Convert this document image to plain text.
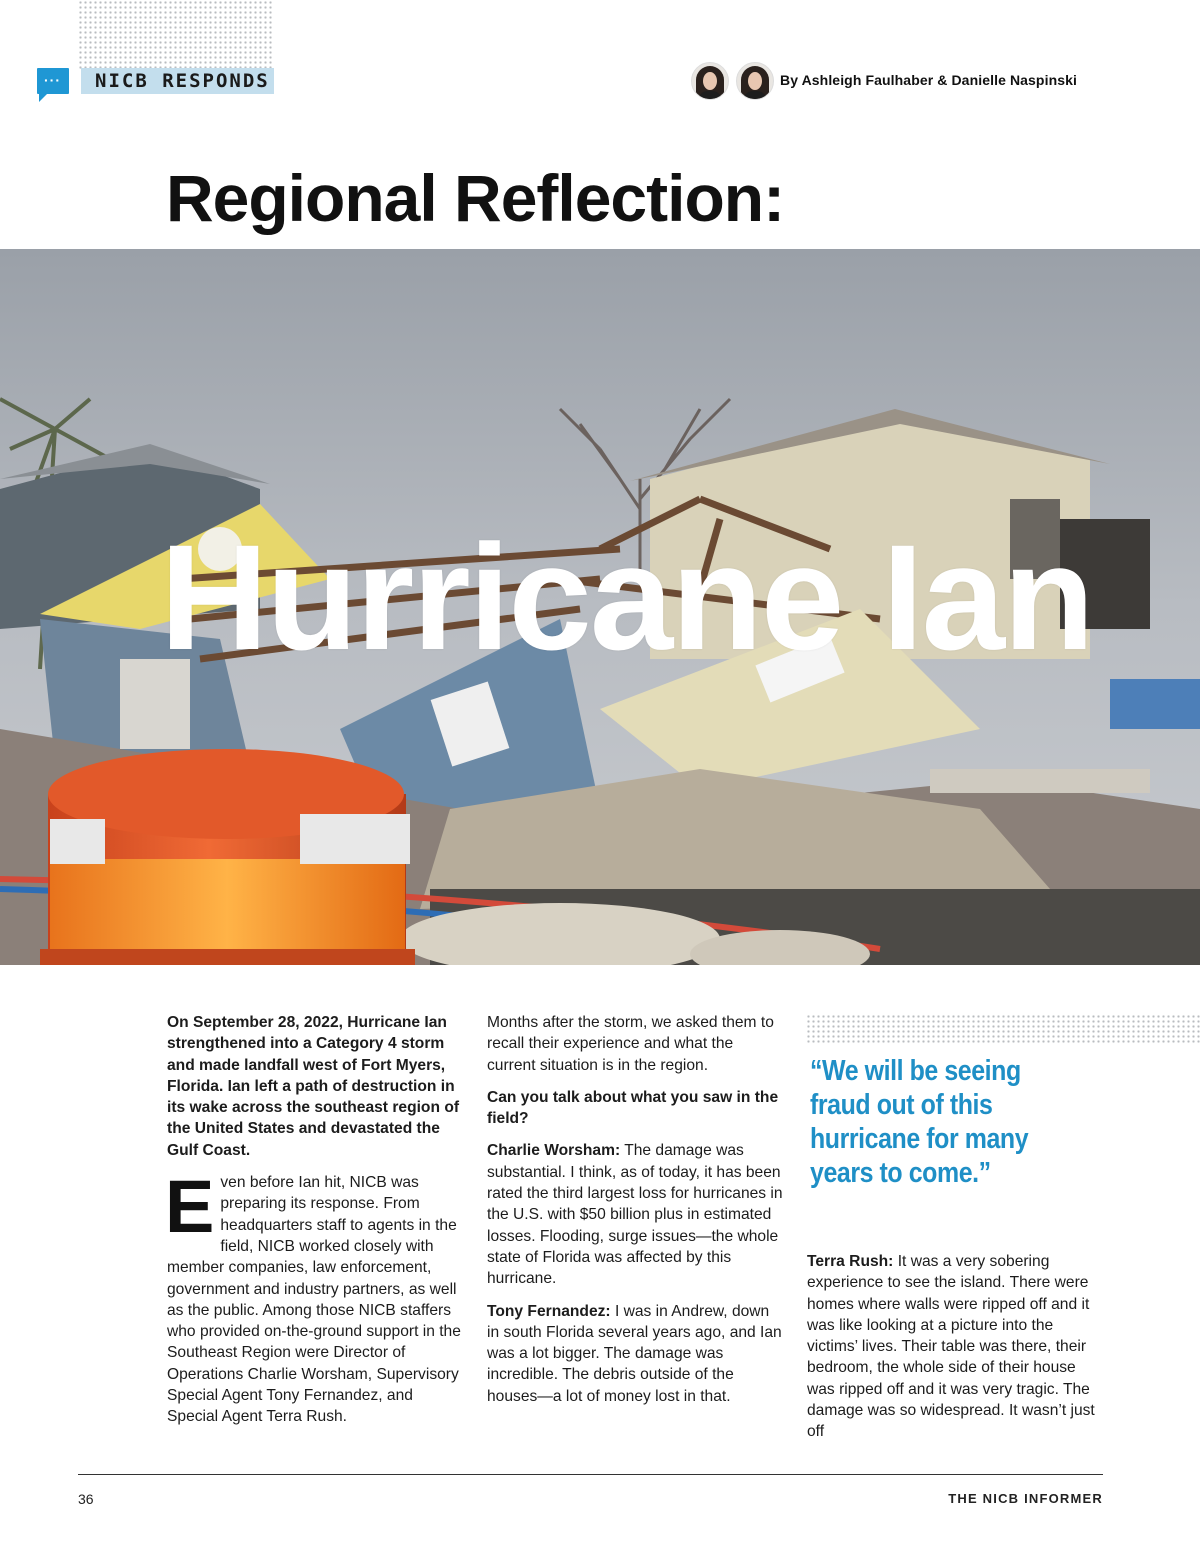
···	NICB RESPONDS	By Ashleigh Faulhaber & Danielle Naspinski
Regional Reflection:
Hurricane Ian

On September 28, 2022, Hurricane Ian strengthened into a Category 4 storm and made landfall west of Fort Myers, Florida. Ian left a path of destruction in its wake across the southeast region of the United States and devastated the Gulf Coast.

Even before Ian hit, NICB was preparing its response. From headquarters staff to agents in the field, NICB worked closely with member companies, law enforcement, government and industry partners, as well as the public. Among those NICB staffers who provided on-the-ground support in the Southeast Region were Director of Operations Charlie Worsham, Supervisory Special Agent Tony Fernandez, and Special Agent Terra Rush.

Months after the storm, we asked them to recall their experience and what the current situation is in the region.

Can you talk about what you saw in the field?

Charlie Worsham: The damage was substantial. I think, as of today, it has been rated the third largest loss for hurricanes in the U.S. with $50 billion plus in estimated losses. Flooding, surge issues—the whole state of Florida was affected by this hurricane.

Tony Fernandez: I was in Andrew, down in south Florida several years ago, and Ian was a lot bigger. The damage was incredible. The debris outside of the houses—a lot of money lost in that.

“We will be seeing fraud out of this hurricane for many years to come.”

Terra Rush: It was a very sobering experience to see the island. There were homes where walls were ripped off and it was like looking at a picture into the victims’ lives. Their table was there, their bedroom, the whole side of their house was ripped off and it was very tragic. The damage was so widespread. It wasn’t just off

36	THE NICB INFORMER
